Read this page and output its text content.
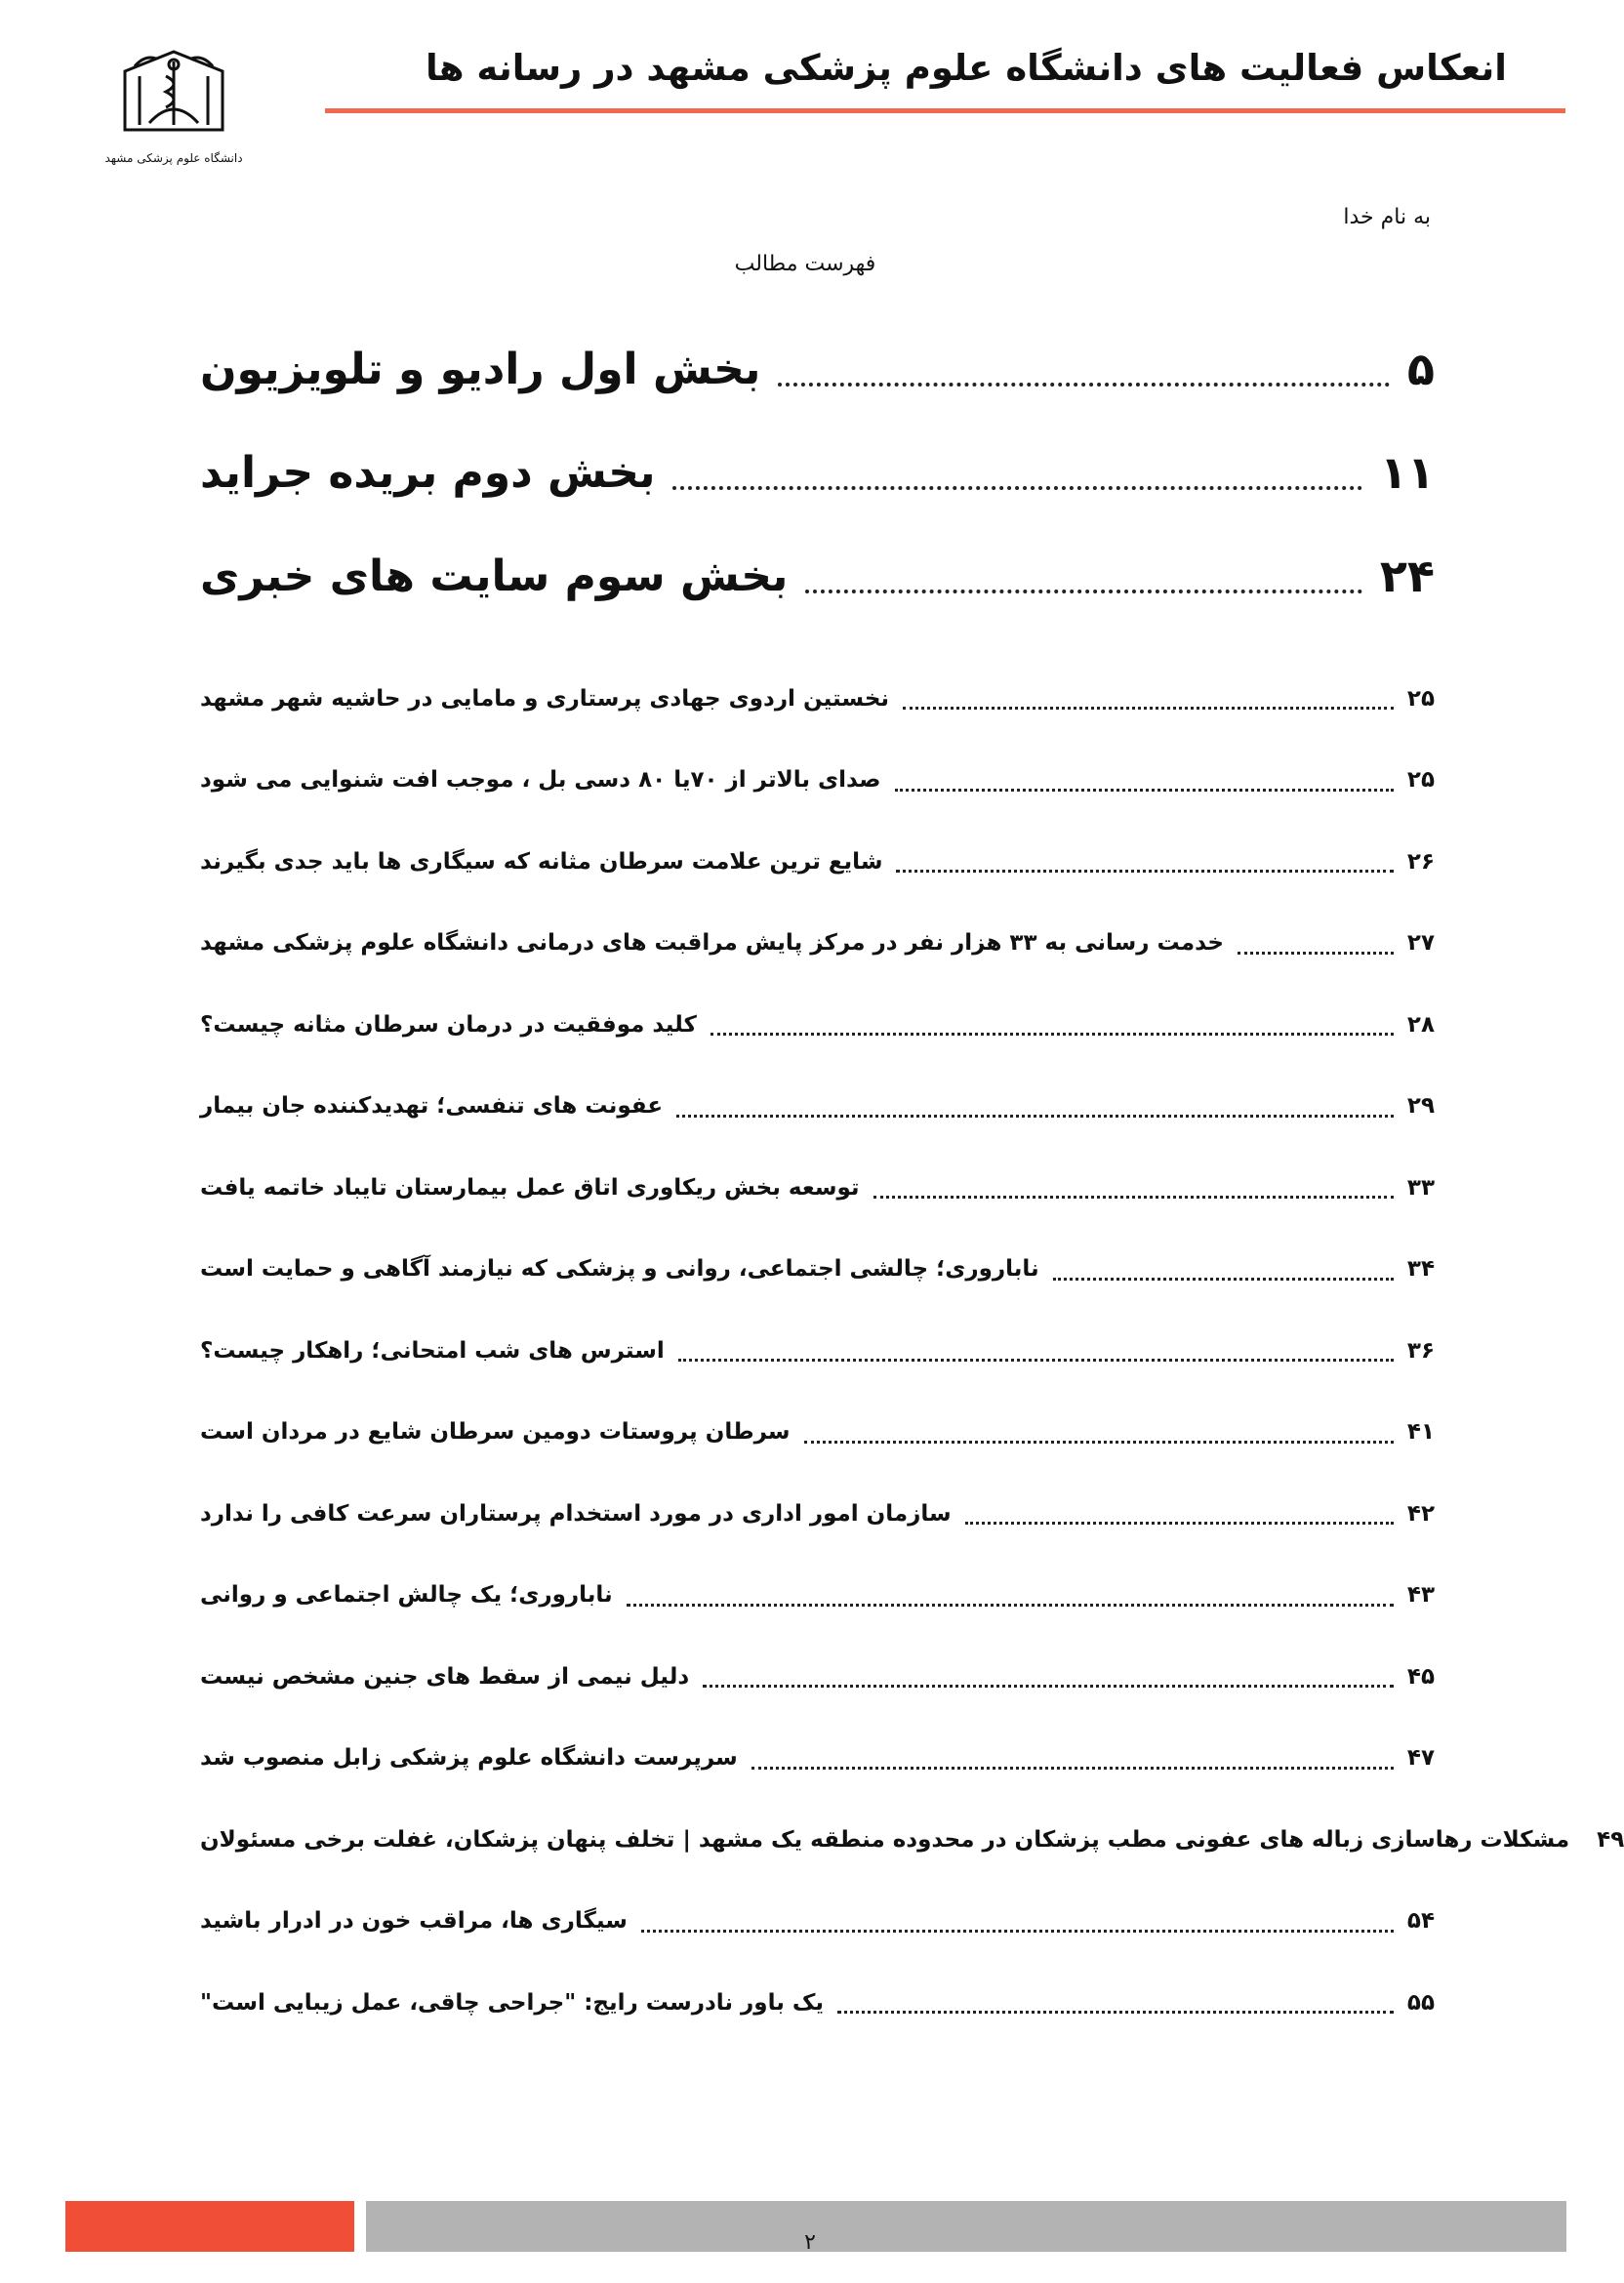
انعکاس فعالیت های دانشگاه علوم پزشکی مشهد در رسانه ها
دانشگاه علوم پزشکی مشهد
به نام خدا
فهرست مطالب
بخش اول رادیو و تلویزیون	۵
بخش دوم بریده جراید	۱۱
بخش سوم سایت های خبری	۲۴
نخستین اردوی جهادی پرستاری و مامایی در حاشیه شهر مشهد	۲۵
صدای بالاتر از ۷۰یا ۸۰ دسی بل ، موجب افت شنوایی می شود	۲۵
شایع ترین علامت سرطان مثانه که سیگاری ها باید جدی بگیرند	۲۶
خدمت رسانی به ۳۳ هزار نفر در مرکز پایش مراقبت های درمانی دانشگاه علوم پزشکی مشهد	۲۷
کلید موفقیت در درمان سرطان مثانه چیست؟	۲۸
عفونت های تنفسی؛ تهدیدکننده جان بیمار	۲۹
توسعه بخش ریکاوری اتاق عمل بیمارستان تایباد خاتمه یافت	۳۳
ناباروری؛ چالشی اجتماعی، روانی و پزشکی که نیازمند آگاهی و حمایت است	۳۴
استرس های شب امتحانی؛ راهکار چیست؟	۳۶
سرطان پروستات دومین سرطان شایع در مردان است	۴۱
سازمان امور اداری در مورد استخدام پرستاران سرعت کافی را ندارد	۴۲
ناباروری؛ یک چالش اجتماعی و روانی	۴۳
دلیل نیمی از سقط های جنین مشخص نیست	۴۵
سرپرست دانشگاه علوم پزشکی زابل منصوب شد	۴۷
مشکلات رهاسازی زباله های عفونی مطب پزشکان در محدوده منطقه یک مشهد | تخلف پنهان پزشکان، غفلت برخی مسئولان ۴۹
سیگاری ها، مراقب خون در ادرار باشید	۵۴
یک باور نادرست رایج: "جراحی چاقی، عمل زیبایی است"	۵۵
۲
